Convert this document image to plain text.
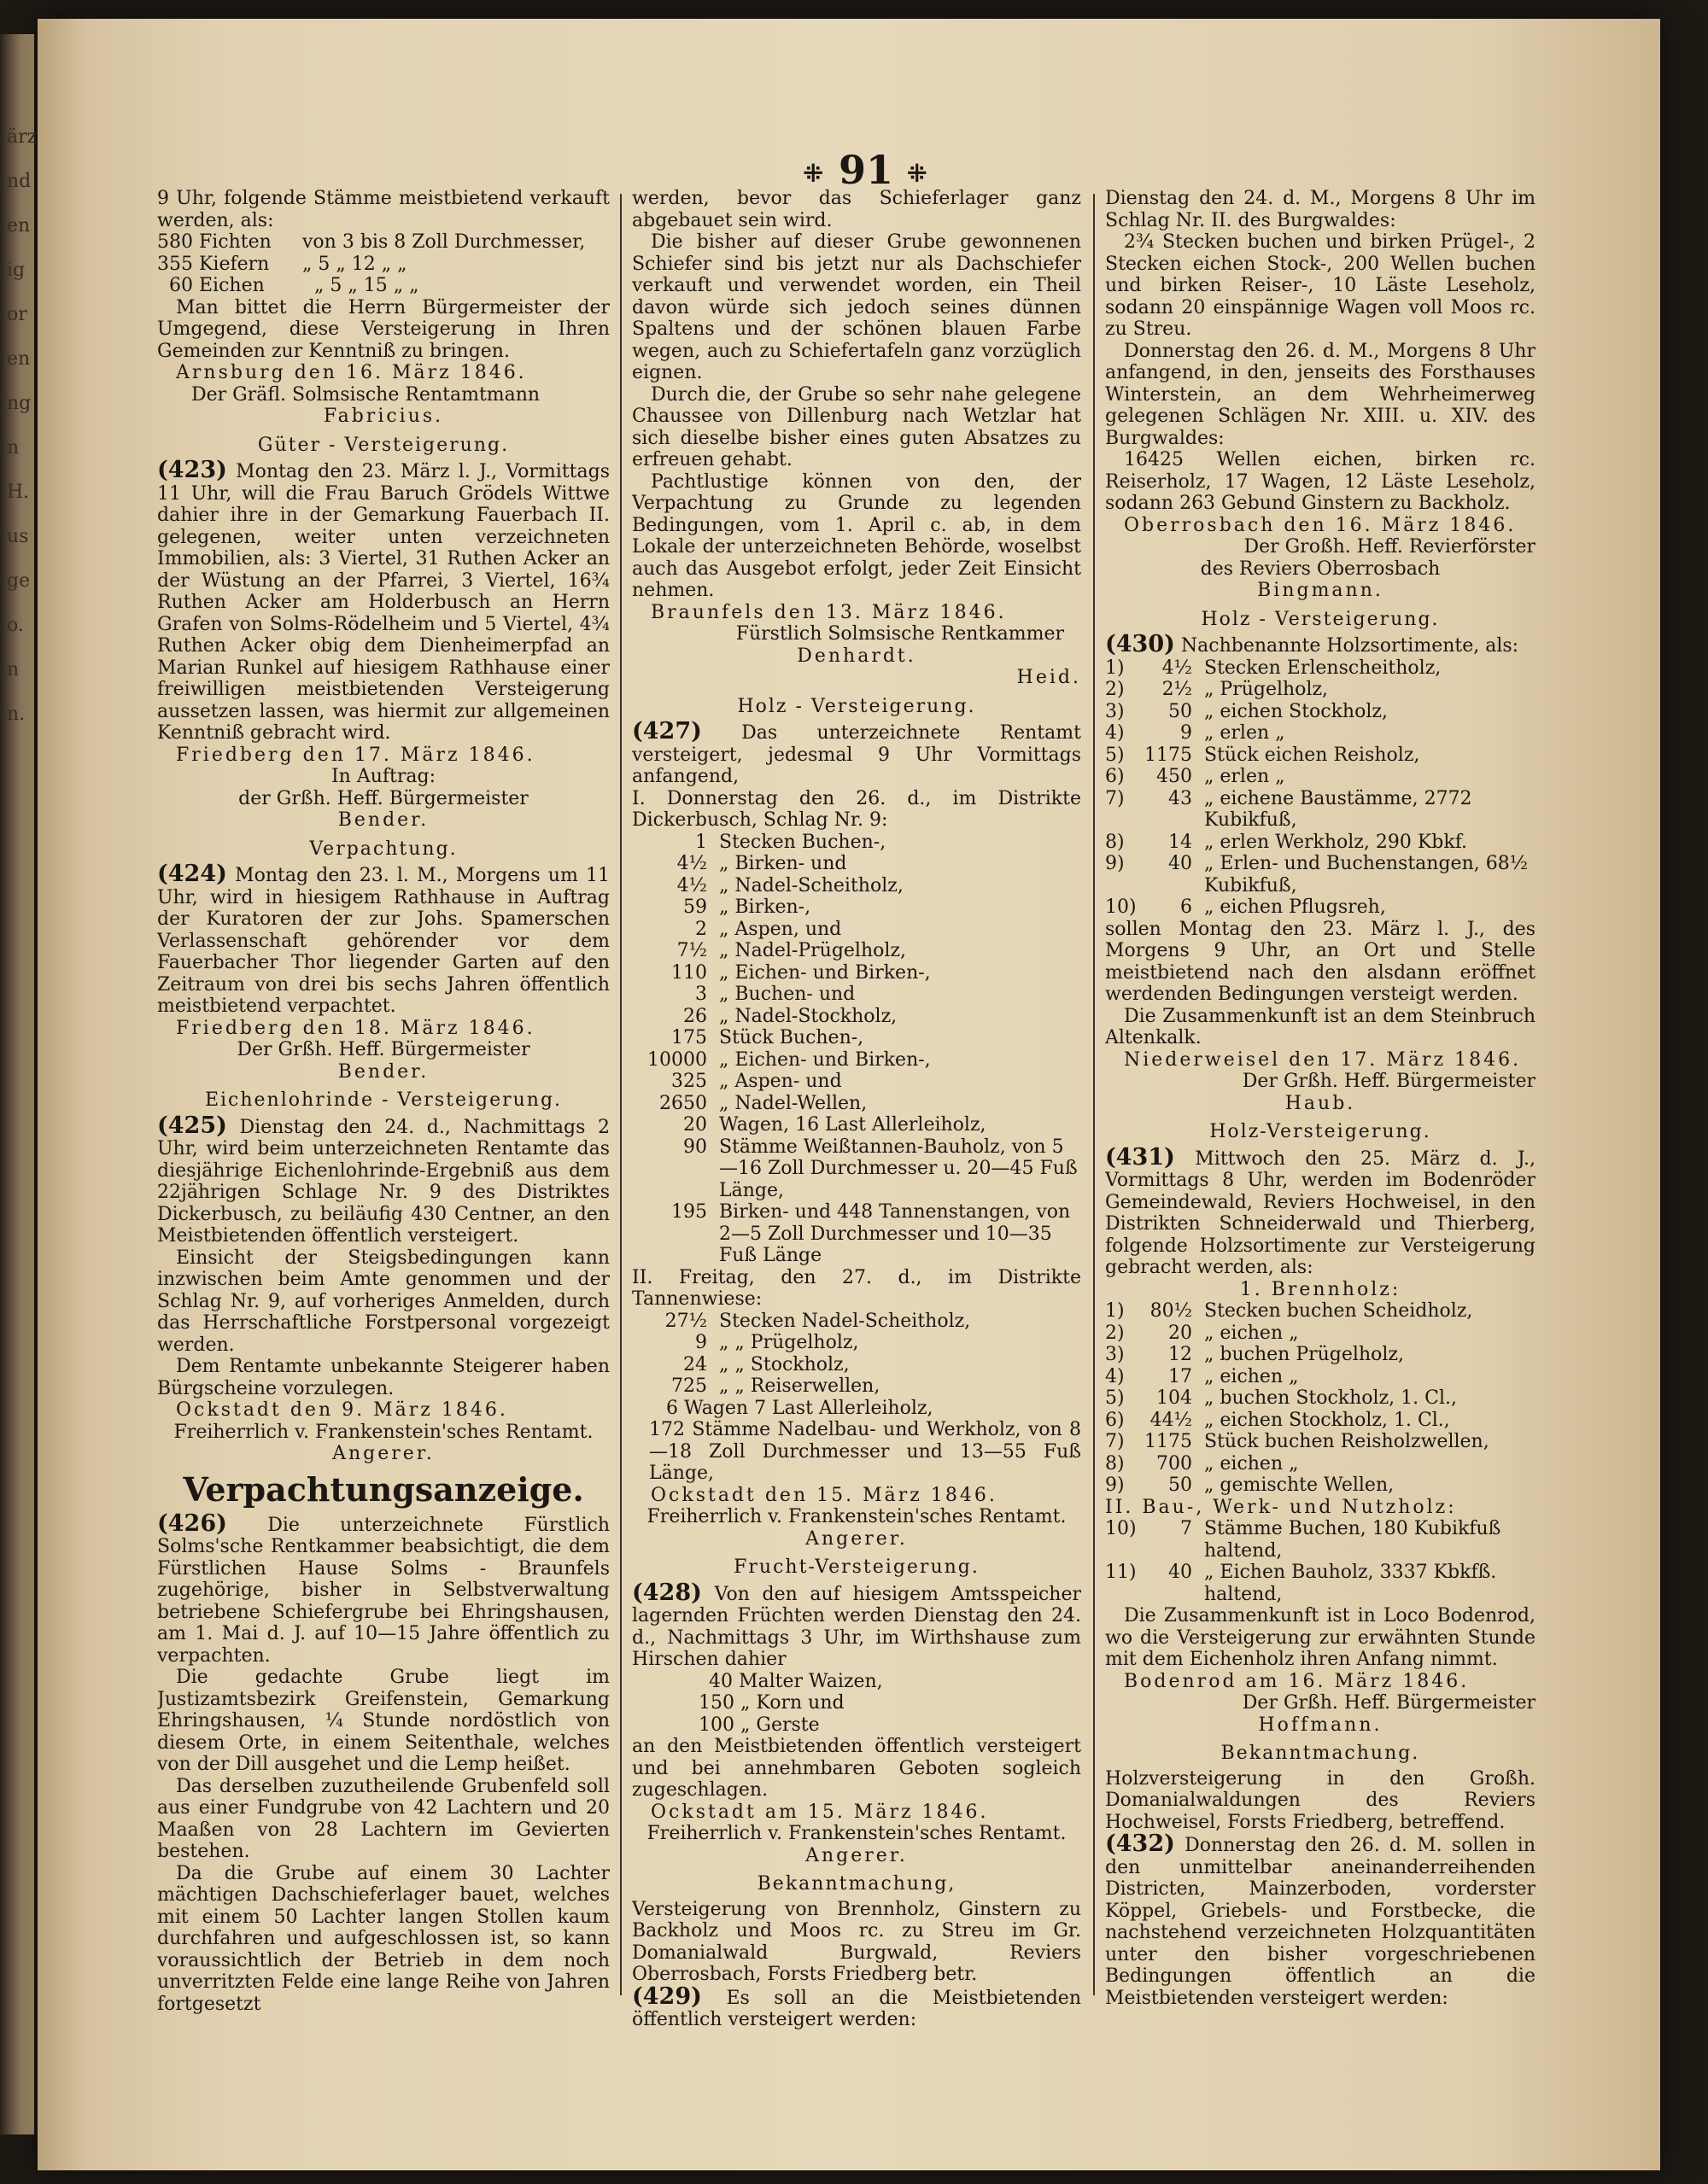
ärz
nd
en
ig
or
en
ng
n
H.
us
ge
o.
n
n.
⁜ 91 ⁜

9 Uhr, folgende Stämme meistbietend verkauft werden, als:

580 Fichten	von 3 bis 8 Zoll Durchmesser,
355 Kiefern	„ 5 „ 12 „ „
60 Eichen	„ 5 „ 15 „ „

Man bittet die Herrn Bürgermeister der Umgegend, diese Versteigerung in Ihren Gemeinden zur Kenntniß zu bringen.

Arnsburg den 16. März 1846.

Der Gräfl. Solmsische Rentamtmann

Fabricius.

Güter - Versteigerung.

(423) Montag den 23. März l. J., Vormittags 11 Uhr, will die Frau Baruch Grödels Wittwe dahier ihre in der Gemarkung Fauerbach II. gelegenen, weiter unten verzeichneten Immobilien, als: 3 Viertel, 31 Ruthen Acker an der Wüstung an der Pfarrei, 3 Viertel, 16¾ Ruthen Acker am Holderbusch an Herrn Grafen von Solms-Rödelheim und 5 Viertel, 4¾ Ruthen Acker obig dem Dienheimerpfad an Marian Runkel auf hiesigem Rathhause einer freiwilligen meistbietenden Versteigerung aussetzen lassen, was hiermit zur allgemeinen Kenntniß gebracht wird.

Friedberg den 17. März 1846.

In Auftrag:

der Grßh. Heff. Bürgermeister

Bender.

Verpachtung.

(424) Montag den 23. l. M., Morgens um 11 Uhr, wird in hiesigem Rathhause in Auftrag der Kuratoren der zur Johs. Spamerschen Verlassenschaft gehörender vor dem Fauerbacher Thor liegender Garten auf den Zeitraum von drei bis sechs Jahren öffentlich meistbietend verpachtet.

Friedberg den 18. März 1846.

Der Grßh. Heff. Bürgermeister

Bender.

Eichenlohrinde - Versteigerung.

(425) Dienstag den 24. d., Nachmittags 2 Uhr, wird beim unterzeichneten Rentamte das diesjährige Eichenlohrinde-Ergebniß aus dem 22jährigen Schlage Nr. 9 des Distriktes Dickerbusch, zu beiläufig 430 Centner, an den Meistbietenden öffentlich versteigert.

Einsicht der Steigsbedingungen kann inzwischen beim Amte genommen und der Schlag Nr. 9, auf vorheriges Anmelden, durch das Herrschaftliche Forstpersonal vorgezeigt werden.

Dem Rentamte unbekannte Steigerer haben Bürgscheine vorzulegen.

Ockstadt den 9. März 1846.

Freiherrlich v. Frankenstein'sches Rentamt.

Angerer.

Verpachtungsanzeige.

(426) Die unterzeichnete Fürstlich Solms'sche Rentkammer beabsichtigt, die dem Fürstlichen Hause Solms - Braunfels zugehörige, bisher in Selbstverwaltung betriebene Schiefergrube bei Ehringshausen, am 1. Mai d. J. auf 10—15 Jahre öffentlich zu verpachten.

Die gedachte Grube liegt im Justizamtsbezirk Greifenstein, Gemarkung Ehringshausen, ¼ Stunde nordöstlich von diesem Orte, in einem Seitenthale, welches von der Dill ausgehet und die Lemp heißet.

Das derselben zuzutheilende Grubenfeld soll aus einer Fundgrube von 42 Lachtern und 20 Maaßen von 28 Lachtern im Gevierten bestehen.

Da die Grube auf einem 30 Lachter mächtigen Dachschieferlager bauet, welches mit einem 50 Lachter langen Stollen kaum durchfahren und aufgeschlossen ist, so kann voraussichtlich der Betrieb in dem noch unverritzten Felde eine lange Reihe von Jahren fortgesetzt

werden, bevor das Schieferlager ganz abgebauet sein wird.

Die bisher auf dieser Grube gewonnenen Schiefer sind bis jetzt nur als Dachschiefer verkauft und verwendet worden, ein Theil davon würde sich jedoch seines dünnen Spaltens und der schönen blauen Farbe wegen, auch zu Schiefertafeln ganz vorzüglich eignen.

Durch die, der Grube so sehr nahe gelegene Chaussee von Dillenburg nach Wetzlar hat sich dieselbe bisher eines guten Absatzes zu erfreuen gehabt.

Pachtlustige können von den, der Verpachtung zu Grunde zu legenden Bedingungen, vom 1. April c. ab, in dem Lokale der unterzeichneten Behörde, woselbst auch das Ausgebot erfolgt, jeder Zeit Einsicht nehmen.

Braunfels den 13. März 1846.

Fürstlich Solmsische Rentkammer

Denhardt.

Heid.

Holz - Versteigerung.

(427) Das unterzeichnete Rentamt versteigert, jedesmal 9 Uhr Vormittags anfangend,

I. Donnerstag den 26. d., im Distrikte Dickerbusch, Schlag Nr. 9:

1 Stecken Buchen-,
4½ „ Birken- und
4½ „ Nadel-Scheitholz,
59 „ Birken-,
2 „ Aspen, und
7½ „ Nadel-Prügelholz,
110 „ Eichen- und Birken-,
3 „ Buchen- und
26 „ Nadel-Stockholz,
175 Stück Buchen-,
10000 „ Eichen- und Birken-,
325 „ Aspen- und
2650 „ Nadel-Wellen,
20 Wagen, 16 Last Allerleiholz,
90 Stämme Weißtannen-Bauholz, von 5—16 Zoll Durchmesser u. 20—45 Fuß Länge,
195 Birken- und 448 Tannenstangen, von 2—5 Zoll Durchmesser und 10—35 Fuß Länge

II. Freitag, den 27. d., im Distrikte Tannenwiese:

27½ Stecken Nadel-Scheitholz,
9 „ „ Prügelholz,
24 „ „ Stockholz,
725 „ „ Reiserwellen,

6 Wagen 7 Last Allerleiholz,

172 Stämme Nadelbau- und Werkholz, von 8—18 Zoll Durchmesser und 13—55 Fuß Länge,

Ockstadt den 15. März 1846.

Freiherrlich v. Frankenstein'sches Rentamt.

Angerer.

Frucht-Versteigerung.

(428) Von den auf hiesigem Amtsspeicher lagernden Früchten werden Dienstag den 24. d., Nachmittags 3 Uhr, im Wirthshause zum Hirschen dahier

40 Malter Waizen,

150 „ Korn und

100 „ Gerste

an den Meistbietenden öffentlich versteigert und bei annehmbaren Geboten sogleich zugeschlagen.

Ockstadt am 15. März 1846.

Freiherrlich v. Frankenstein'sches Rentamt.

Angerer.

Bekanntmachung,

Versteigerung von Brennholz, Ginstern zu Backholz und Moos rc. zu Streu im Gr. Domanialwald Burgwald, Reviers Oberrosbach, Forsts Friedberg betr.

(429) Es soll an die Meistbietenden öffentlich versteigert werden:

Dienstag den 24. d. M., Morgens 8 Uhr im Schlag Nr. II. des Burgwaldes:

2¾ Stecken buchen und birken Prügel-, 2 Stecken eichen Stock-, 200 Wellen buchen und birken Reiser-, 10 Läste Leseholz, sodann 20 einspännige Wagen voll Moos rc. zu Streu.

Donnerstag den 26. d. M., Morgens 8 Uhr anfangend, in den, jenseits des Forsthauses Winterstein, an dem Wehrheimerweg gelegenen Schlägen Nr. XIII. u. XIV. des Burgwaldes:

16425 Wellen eichen, birken rc. Reiserholz, 17 Wagen, 12 Läste Leseholz, sodann 263 Gebund Ginstern zu Backholz.

Oberrosbach den 16. März 1846.

Der Großh. Heff. Revierförster

des Reviers Oberrosbach

Bingmann.

Holz - Versteigerung.

(430) Nachbenannte Holzsortimente, als:

1)	4½ Stecken Erlenscheitholz,
2)	2½ „ Prügelholz,
3)	50 „ eichen Stockholz,
4)	9 „ erlen „
5)	1175 Stück eichen Reisholz,
6)	450 „ erlen „
7)	43 „ eichene Baustämme, 2772 Kubikfuß,
8)	14 „ erlen Werkholz, 290 Kbkf.
9)	40 „ Erlen- und Buchenstangen, 68½ Kubikfuß,
10)	6 „ eichen Pflugsreh,

sollen Montag den 23. März l. J., des Morgens 9 Uhr, an Ort und Stelle meistbietend nach den alsdann eröffnet werdenden Bedingungen versteigt werden.

Die Zusammenkunft ist an dem Steinbruch Altenkalk.

Niederweisel den 17. März 1846.

Der Grßh. Heff. Bürgermeister

Haub.

Holz-Versteigerung.

(431) Mittwoch den 25. März d. J., Vormittags 8 Uhr, werden im Bodenröder Gemeindewald, Reviers Hochweisel, in den Distrikten Schneiderwald und Thierberg, folgende Holzsortimente zur Versteigerung gebracht werden, als:

1. Brennholz:

1)	80½ Stecken buchen Scheidholz,
2)	20 „ eichen „
3)	12 „ buchen Prügelholz,
4)	17 „ eichen „
5)	104 „ buchen Stockholz, 1. Cl.,
6)	44½ „ eichen Stockholz, 1. Cl.,
7)	1175 Stück buchen Reisholzwellen,
8)	700 „ eichen „
9)	50 „ gemischte Wellen,

II. Bau-, Werk- und Nutzholz:

10)	7 Stämme Buchen, 180 Kubikfuß haltend,
11)	40 „ Eichen Bauholz, 3337 Kbkfß. haltend,

Die Zusammenkunft ist in Loco Bodenrod, wo die Versteigerung zur erwähnten Stunde mit dem Eichenholz ihren Anfang nimmt.

Bodenrod am 16. März 1846.

Der Grßh. Heff. Bürgermeister

Hoffmann.

Bekanntmachung.

Holzversteigerung in den Großh. Domanialwaldungen des Reviers Hochweisel, Forsts Friedberg, betreffend.

(432) Donnerstag den 26. d. M. sollen in den unmittelbar aneinanderreihenden Districten, Mainzerboden, vorderster Köppel, Griebels- und Forstbecke, die nachstehend verzeichneten Holzquantitäten unter den bisher vorgeschriebenen Bedingungen öffentlich an die Meistbietenden versteigert werden:
